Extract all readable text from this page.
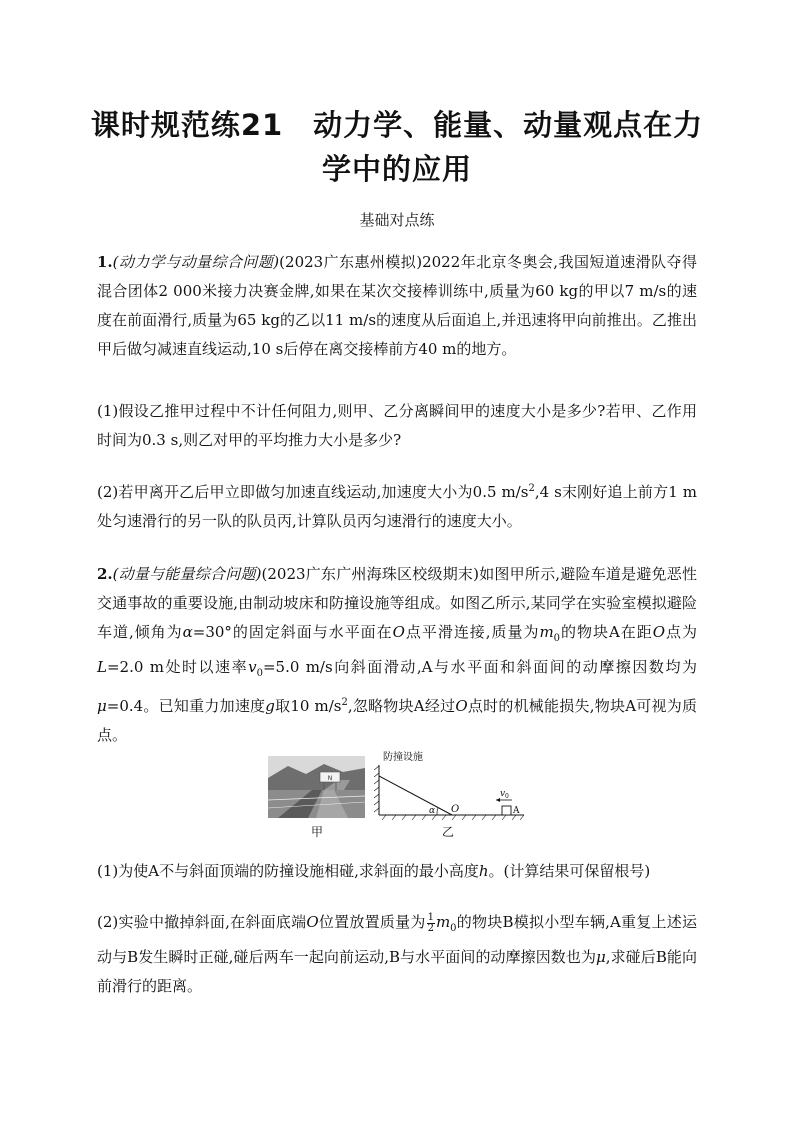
课时规范练21　动力学、能量、动量观点在力
学中的应用
基础对点练
1.(动力学与动量综合问题)(2023广东惠州模拟)2022年北京冬奥会,我国短道速滑队夺得混合团体2 000米接力决赛金牌,如果在某次交接棒训练中,质量为60 kg的甲以7 m/s的速度在前面滑行,质量为65 kg的乙以11 m/s的速度从后面追上,并迅速将甲向前推出。乙推出甲后做匀减速直线运动,10 s后停在离交接棒前方40 m的地方。
(1)假设乙推甲过程中不计任何阻力,则甲、乙分离瞬间甲的速度大小是多少?若甲、乙作用时间为0.3 s,则乙对甲的平均推力大小是多少?
(2)若甲离开乙后甲立即做匀加速直线运动,加速度大小为0.5 $m/s^2,4$ s末刚好追上前方1 m处匀速滑行的另一队的队员丙,计算队员丙匀速滑行的速度大小。
2.(动量与能量综合问题)(2023广东广州海珠区校级期末)如图甲所示,避险车道是避免恶性交通事故的重要设施,由制动坡床和防撞设施等组成。如图乙所示,某同学在实验室模拟避险车道,倾角为α=30°的固定斜面与水平面在O点平滑连接,质量为$m_0$的物块A在距O点为L=2.0 m处时以速率$v_0=5.0$ m/s向斜面滑动,A与水平面和斜面间的动摩擦因数均为μ=0.4。已知重力加速度g取10 $m/s^2$,忽略物块A经过O点时的机械能损失,物块A可视为质点。
N
甲
防撞设施
α O
v 0
A
乙
(1)为使A不与斜面顶端的防撞设施相碰,求斜面的最小高度h。(计算结果可保留根号)
(2)实验中撤掉斜面,在斜面底端O位置放置质量为 $\frac{1}{2} m_0$的物块B模拟小型车辆,A重复上述运动与B发生瞬时正碰,碰后两车一起向前运动,B与水平面间的动摩擦因数也为μ,求碰后B能向前滑行的距离。
